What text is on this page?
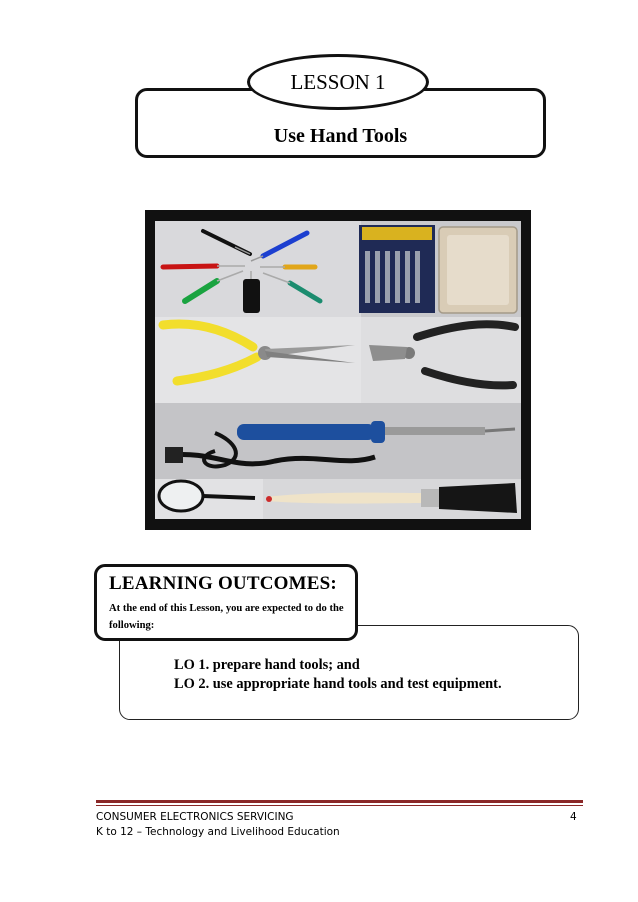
Use Hand Tools
LESSON 1
LEARNING OUTCOMES:
At the end of this Lesson, you are expected to do the following:
LO 1. prepare hand tools; and
LO 2. use appropriate hand tools and test equipment.
CONSUMER ELECTRONICS SERVICING
K to 12 – Technology and Livelihood Education
4
